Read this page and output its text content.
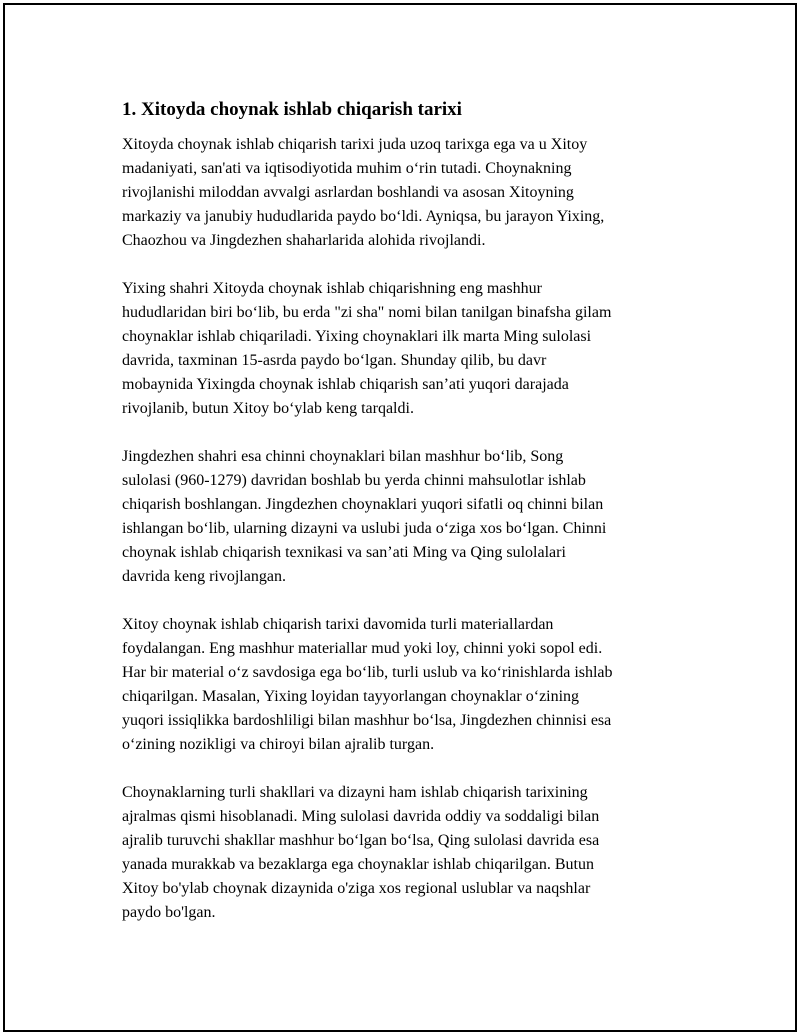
1. Xitoyda choynak ishlab chiqarish tarixi

Xitoyda choynak ishlab chiqarish tarixi juda uzoq tarixga ega va u Xitoy
madaniyati, san'ati va iqtisodiyotida muhim oʻrin tutadi. Choynakning
rivojlanishi miloddan avvalgi asrlardan boshlandi va asosan Xitoyning
markaziy va janubiy hududlarida paydo boʻldi. Ayniqsa, bu jarayon Yixing,
Chaozhou va Jingdezhen shaharlarida alohida rivojlandi.

Yixing shahri Xitoyda choynak ishlab chiqarishning eng mashhur
hududlaridan biri boʻlib, bu erda "zi sha" nomi bilan tanilgan binafsha gilam
choynaklar ishlab chiqariladi. Yixing choynaklari ilk marta Ming sulolasi
davrida, taxminan 15-asrda paydo boʻlgan. Shunday qilib, bu davr
mobaynida Yixingda choynak ishlab chiqarish san’ati yuqori darajada
rivojlanib, butun Xitoy boʻylab keng tarqaldi.

Jingdezhen shahri esa chinni choynaklari bilan mashhur boʻlib, Song
sulolasi (960-1279) davridan boshlab bu yerda chinni mahsulotlar ishlab
chiqarish boshlangan. Jingdezhen choynaklari yuqori sifatli oq chinni bilan
ishlangan boʻlib, ularning dizayni va uslubi juda oʻziga xos boʻlgan. Chinni
choynak ishlab chiqarish texnikasi va san’ati Ming va Qing sulolalari
davrida keng rivojlangan.

Xitoy choynak ishlab chiqarish tarixi davomida turli materiallardan
foydalangan. Eng mashhur materiallar mud yoki loy, chinni yoki sopol edi.
Har bir material oʻz savdosiga ega boʻlib, turli uslub va koʻrinishlarda ishlab
chiqarilgan. Masalan, Yixing loyidan tayyorlangan choynaklar oʻzining
yuqori issiqlikka bardoshliligi bilan mashhur boʻlsa, Jingdezhen chinnisi esa
oʻzining nozikligi va chiroyi bilan ajralib turgan.

Choynaklarning turli shakllari va dizayni ham ishlab chiqarish tarixining
ajralmas qismi hisoblanadi. Ming sulolasi davrida oddiy va soddaligi bilan
ajralib turuvchi shakllar mashhur boʻlgan boʻlsa, Qing sulolasi davrida esa
yanada murakkab va bezaklarga ega choynaklar ishlab chiqarilgan. Butun
Xitoy bo'ylab choynak dizaynida o'ziga xos regional uslublar va naqshlar
paydo bo'lgan.
